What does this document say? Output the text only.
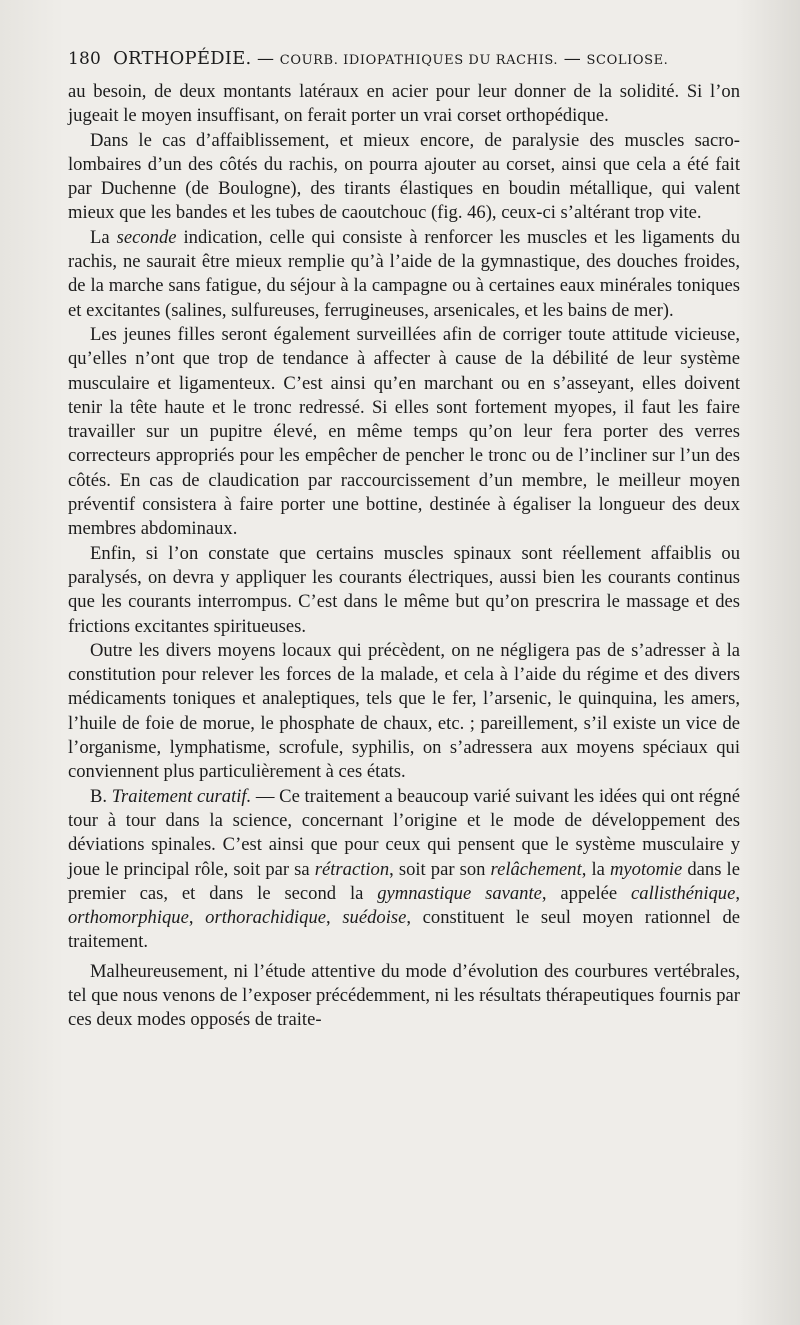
180 ORTHOPÉDIE. — COURB. IDIOPATHIQUES DU RACHIS. — SCOLIOSE.

au besoin, de deux montants latéraux en acier pour leur donner de la solidité. Si l’on jugeait le moyen insuffisant, on ferait porter un vrai corset orthopédique.

Dans le cas d’affaiblissement, et mieux encore, de paralysie des muscles sacro-lombaires d’un des côtés du rachis, on pourra ajouter au corset, ainsi que cela a été fait par Duchenne (de Boulogne), des tirants élastiques en boudin métallique, qui valent mieux que les bandes et les tubes de caoutchouc (fig. 46), ceux-ci s’altérant trop vite.

La seconde indication, celle qui consiste à renforcer les muscles et les ligaments du rachis, ne saurait être mieux remplie qu’à l’aide de la gymnastique, des douches froides, de la marche sans fatigue, du séjour à la campagne ou à certaines eaux minérales toniques et excitantes (salines, sulfureuses, ferrugineuses, arsenicales, et les bains de mer).

Les jeunes filles seront également surveillées afin de corriger toute attitude vicieuse, qu’elles n’ont que trop de tendance à affecter à cause de la débilité de leur système musculaire et ligamenteux. C’est ainsi qu’en marchant ou en s’asseyant, elles doivent tenir la tête haute et le tronc redressé. Si elles sont fortement myopes, il faut les faire travailler sur un pupitre élevé, en même temps qu’on leur fera porter des verres correcteurs appropriés pour les empêcher de pencher le tronc ou de l’incliner sur l’un des côtés. En cas de claudication par raccourcissement d’un membre, le meilleur moyen préventif consistera à faire porter une bottine, destinée à égaliser la longueur des deux membres abdominaux.

Enfin, si l’on constate que certains muscles spinaux sont réellement affaiblis ou paralysés, on devra y appliquer les courants électriques, aussi bien les courants continus que les courants interrompus. C’est dans le même but qu’on prescrira le massage et des frictions excitantes spiritueuses.

Outre les divers moyens locaux qui précèdent, on ne négligera pas de s’adresser à la constitution pour relever les forces de la malade, et cela à l’aide du régime et des divers médicaments toniques et analeptiques, tels que le fer, l’arsenic, le quinquina, les amers, l’huile de foie de morue, le phosphate de chaux, etc. ; pareillement, s’il existe un vice de l’organisme, lymphatisme, scrofule, syphilis, on s’adressera aux moyens spéciaux qui conviennent plus particulièrement à ces états.

B. Traitement curatif. — Ce traitement a beaucoup varié suivant les idées qui ont régné tour à tour dans la science, concernant l’origine et le mode de développement des déviations spinales. C’est ainsi que pour ceux qui pensent que le système musculaire y joue le principal rôle, soit par sa rétraction, soit par son relâchement, la myotomie dans le premier cas, et dans le second la gymnastique savante, appelée callisthénique, orthomorphique, orthorachidique, suédoise, constituent le seul moyen rationnel de traitement.

Malheureusement, ni l’étude attentive du mode d’évolution des courbures vertébrales, tel que nous venons de l’exposer précédemment, ni les résultats thérapeutiques fournis par ces deux modes opposés de traite-
